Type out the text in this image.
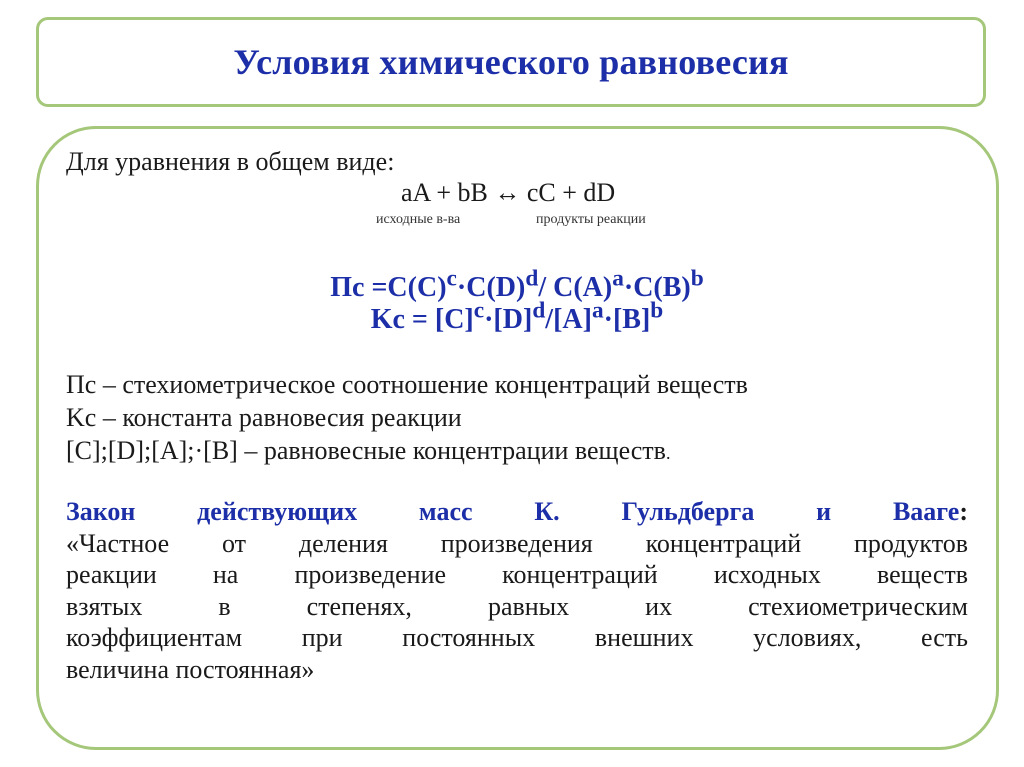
Условия химического равновесия
Для уравнения в общем виде:
aA + bB ↔ cC + dD
исходные в-ва	продукты реакции
Пc $=C(C)^c\cdot C(D)^d/$ $C(A)^a\cdot C(B)^b$
$Kc = [C]^c\cdot[D]^d/[A]^a\cdot[B]^b$
Пc – стехиометрическое соотношение концентраций веществ
Kc – константа равновесия реакции
[C];[D];[A];·[B] – равновесные концентрации веществ.
Закон действующих масс К. Гульдберга и Вааге:
«Частное от деления произведения концентраций продуктов
реакции на произведение концентраций исходных веществ
взятых в степенях, равных их стехиометрическим
коэффициентам при постоянных внешних условиях, есть
величина постоянная»
